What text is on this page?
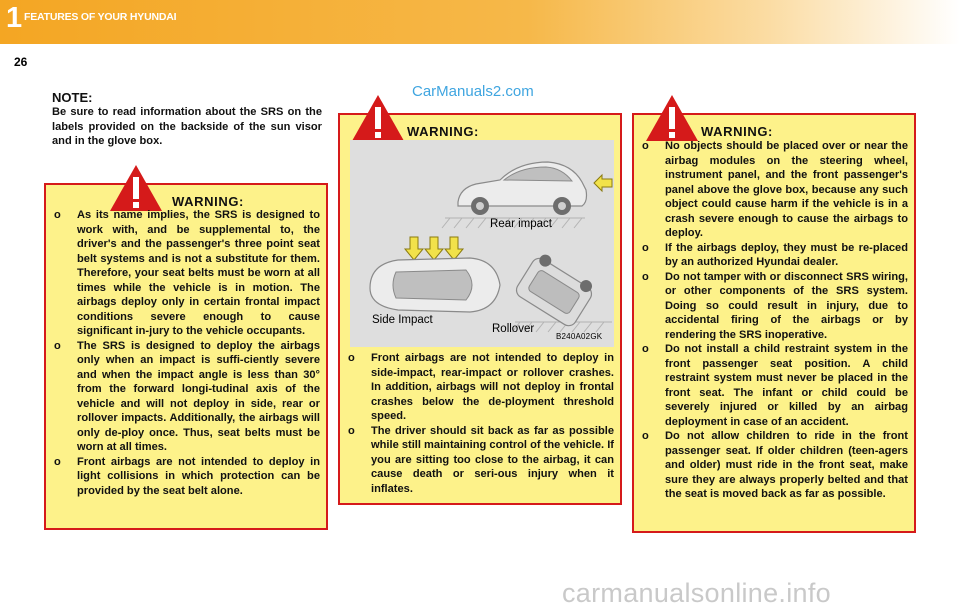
1 FEATURES OF YOUR HYUNDAI
26
CarManuals2.com
NOTE:
Be sure to read information about the SRS on the labels provided on the backside of the sun visor and in the glove box.
WARNING:
o As its name implies, the SRS is designed to work with, and be supplemental to, the driver's and the passenger's three point seat belt systems and is not a substitute for them. Therefore, your seat belts must be worn at all times while the vehicle is in motion. The airbags deploy only in certain frontal impact conditions severe enough to cause significant in-jury to the vehicle occupants.
o The SRS is designed to deploy the airbags only when an impact is suffi-ciently severe and when the impact angle is less than 30° from the forward longi-tudinal axis of the vehicle and will not deploy in side, rear or rollover impacts. Additionally, the airbags will only de-ploy once. Thus, seat belts must be worn at all times.
o Front airbags are not intended to deploy in light collisions in which protection can be provided by the seat belt alone.
WARNING:
Rear impact
Side Impact
Rollover
B240A02GK
o Front airbags are not intended to deploy in side-impact, rear-impact or rollover crashes. In addition, airbags will not deploy in frontal crashes below the de-ployment threshold speed.
o The driver should sit back as far as possible while still maintaining control of the vehicle. If you are sitting too close to the airbag, it can cause death or seri-ous injury when it inflates.
WARNING:
o No objects should be placed over or near the airbag modules on the steering wheel, instrument panel, and the front passenger's panel above the glove box, because any such object could cause harm if the vehicle is in a crash severe enough to cause the airbags to deploy.
o If the airbags deploy, they must be re-placed by an authorized Hyundai dealer.
o Do not tamper with or disconnect SRS wiring, or other components of the SRS system. Doing so could result in injury, due to accidental firing of the airbags or by rendering the SRS inoperative.
o Do not install a child restraint system in the front passenger seat position. A child restraint system must never be placed in the front seat. The infant or child could be severely injured or killed by an airbag deployment in case of an accident.
o Do not allow children to ride in the front passenger seat. If older children (teen-agers and older) must ride in the front seat, make sure they are always properly belted and that the seat is moved back as far as possible.
carmanualsonline.info
